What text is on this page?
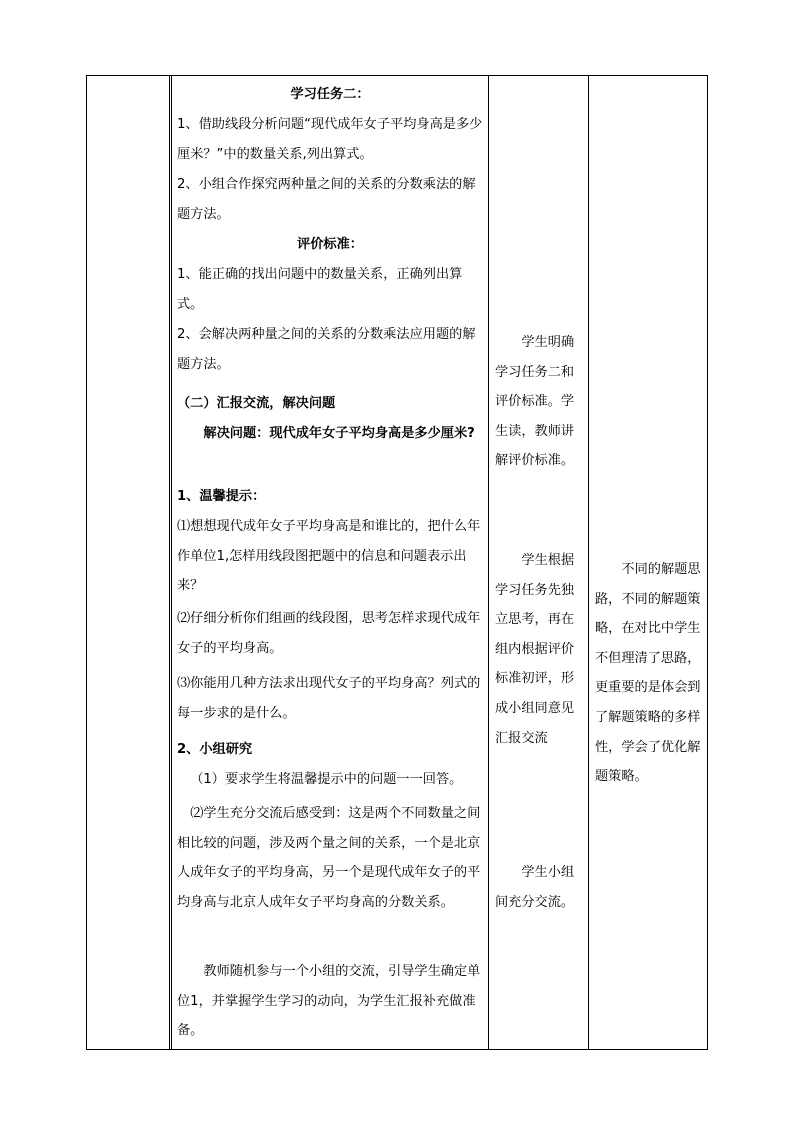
学习任务二：

1、借助线段分析问题“现代成年女子平均身高是多少厘米？”中的数量关系,列出算式。

2、小组合作探究两种量之间的关系的分数乘法的解题方法。

评价标准：

1、能正确的找出问题中的数量关系，正确列出算式。

2、会解决两种量之间的关系的分数乘法应用题的解题方法。

（二）汇报交流，解决问题

解决问题：现代成年女子平均身高是多少厘米?

1、温馨提示：

⑴想想现代成年女子平均身高是和谁比的，把什么年作单位1,怎样用线段图把题中的信息和问题表示出来？

⑵仔细分析你们组画的线段图，思考怎样求现代成年女子的平均身高。

⑶你能用几种方法求出现代女子的平均身高？列式的每一步求的是什么。

2、小组研究

（1）要求学生将温馨提示中的问题一一回答。

⑵学生充分交流后感受到：这是两个不同数量之间相比较的问题，涉及两个量之间的关系，一个是北京人成年女子的平均身高，另一个是现代成年女子的平均身高与北京人成年女子平均身高的分数关系。

教师随机参与一个小组的交流，引导学生确定单位1，并掌握学生学习的动向，为学生汇报补充做准备。

学生明确学习任务二和评价标准。学生读，教师讲解评价标准。

学生根据学习任务先独立思考，再在组内根据评价标准初评，形成小组同意见汇报交流

学生小组间充分交流。

不同的解题思路，不同的解题策略，在对比中学生不但理清了思路，更重要的是体会到了解题策略的多样性，学会了优化解题策略。
